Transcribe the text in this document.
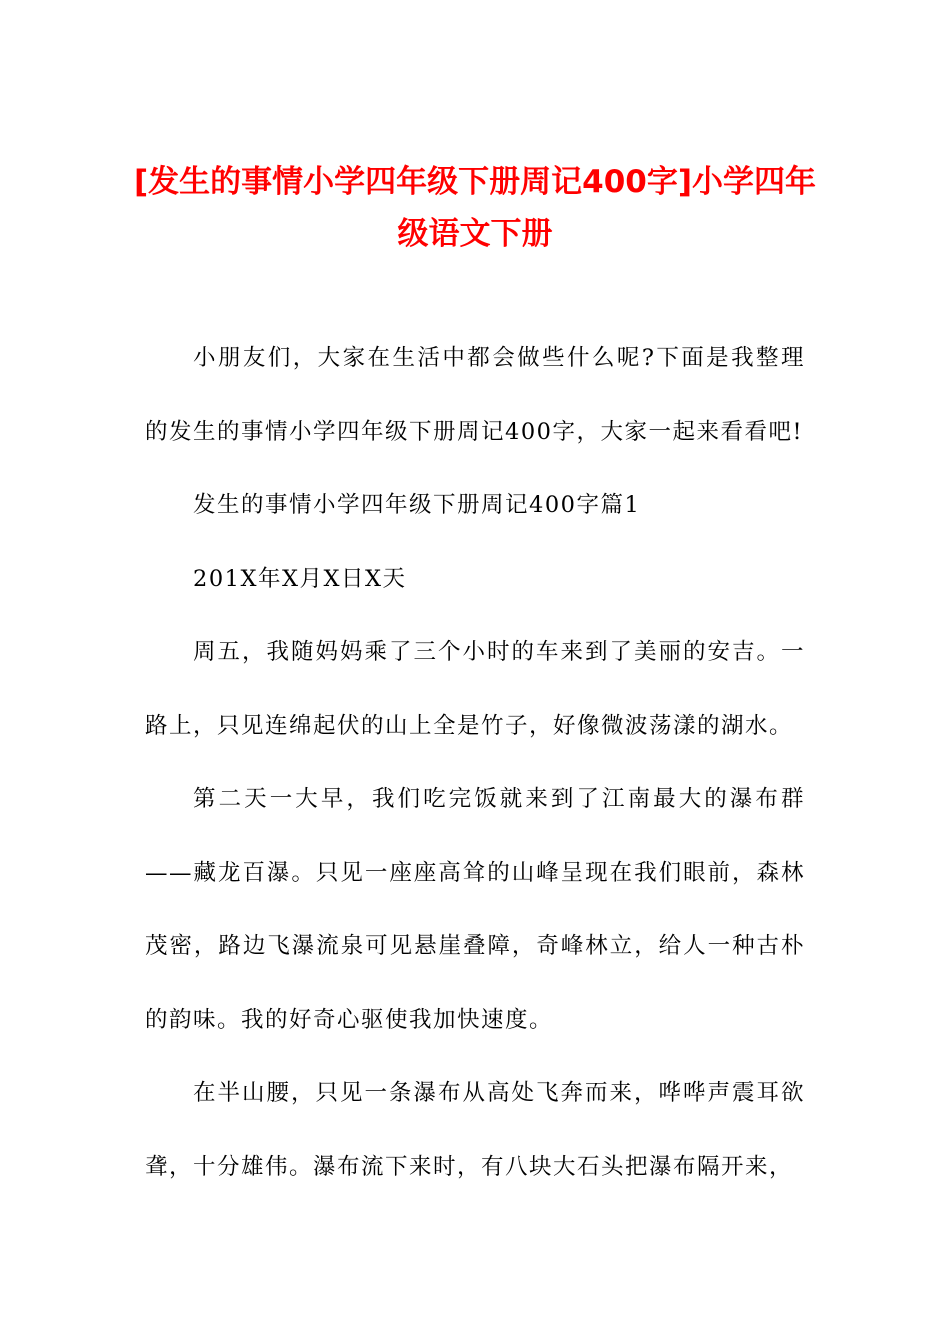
[发生的事情小学四年级下册周记400字]小学四年级语文下册

小朋友们，大家在生活中都会做些什么呢?下面是我整理的发生的事情小学四年级下册周记400字，大家一起来看看吧!

发生的事情小学四年级下册周记400字篇1

201X年X月X日X天

周五，我随妈妈乘了三个小时的车来到了美丽的安吉。一路上，只见连绵起伏的山上全是竹子，好像微波荡漾的湖水。

第二天一大早，我们吃完饭就来到了江南最大的瀑布群——藏龙百瀑。只见一座座高耸的山峰呈现在我们眼前，森林茂密，路边飞瀑流泉可见悬崖叠障，奇峰林立，给人一种古朴的韵味。我的好奇心驱使我加快速度。

在半山腰，只见一条瀑布从高处飞奔而来，哗哗声震耳欲聋，十分雄伟。瀑布流下来时，有八块大石头把瀑布隔开来，
